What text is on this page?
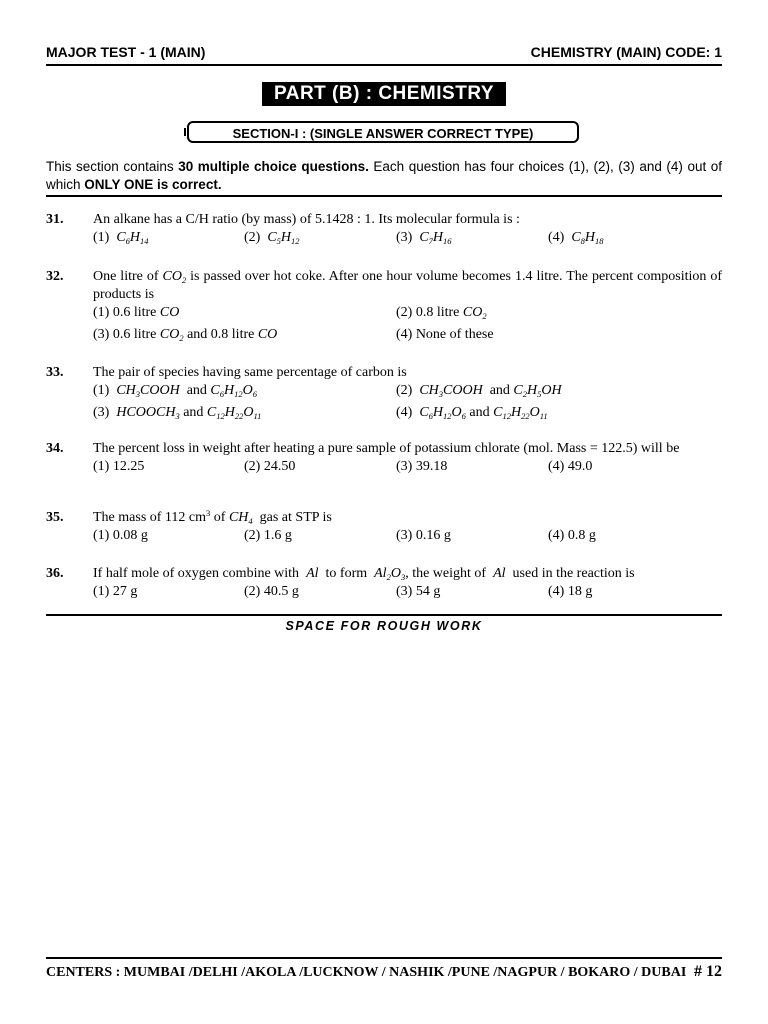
MAJOR TEST - 1 (MAIN)	CHEMISTRY (MAIN) CODE: 1
PART (B) : CHEMISTRY
SECTION-I : (SINGLE ANSWER CORRECT TYPE)
This section contains 30 multiple choice questions. Each question has four choices (1), (2), (3) and (4) out of which ONLY ONE is correct.
31. An alkane has a C/H ratio (by mass) of 5.1428 : 1. Its molecular formula is :
(1) $C_6H_{14}$	(2) $C_5H_{12}$	(3) $C_7H_{16}$	(4) $C_8H_{18}$
32. One litre of $CO_2$ is passed over hot coke. After one hour volume becomes 1.4 litre. The percent composition of products is
(1) 0.6 litre CO	(2) 0.8 litre $CO_2$
(3) 0.6 litre $CO_2$ and 0.8 litre CO	(4) None of these
33. The pair of species having same percentage of carbon is
(1) $CH_3COOH$ and $C_6H_{12}O_6$	(2) $CH_3COOH$ and $C_2H_5OH$
(3) $HCOOCH_3$ and $C_{12}H_{22}O_{11}$	(4) $C_6H_{12}O_6$ and $C_{12}H_{22}O_{11}$
34. The percent loss in weight after heating a pure sample of potassium chlorate (mol. Mass = 122.5) will be
(1) 12.25	(2) 24.50	(3) 39.18	(4) 49.0
35. The mass of 112 $cm^3$ of $CH_4$ gas at STP is
(1) 0.08 g	(2) 1.6 g	(3) 0.16 g	(4) 0.8 g
36. If half mole of oxygen combine with Al to form $Al_2O_3$, the weight of Al used in the reaction is
(1) 27 g	(2) 40.5 g	(3) 54 g	(4) 18 g
SPACE FOR ROUGH WORK
CENTERS : MUMBAI /DELHI /AKOLA /LUCKNOW / NASHIK /PUNE /NAGPUR / BOKARO / DUBAI # 12
